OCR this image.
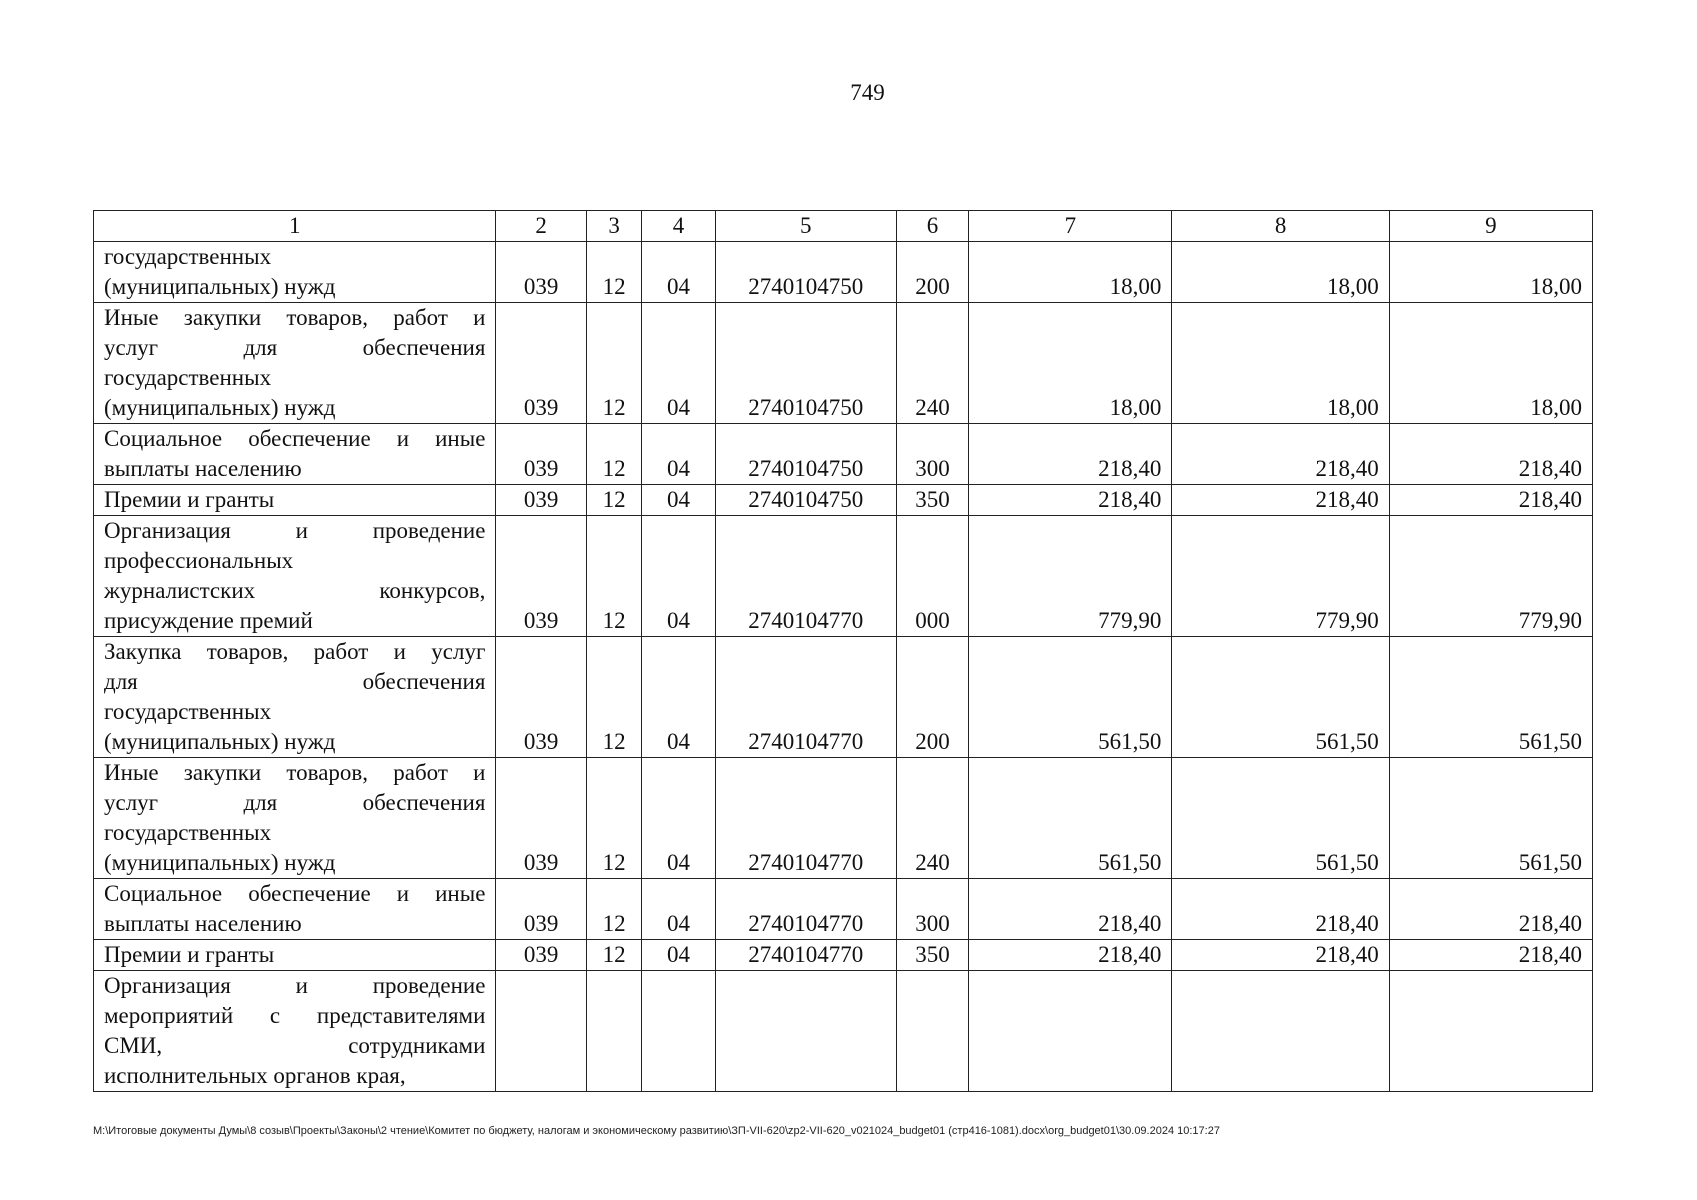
749
1	2	3	4	5	6	7	8	9

государственных
(муниципальных) нужд	039	12	04	2740104750	200	18,00	18,00	18,00

Иные закупки товаров, работ и
услуг для обеспечения
государственных
(муниципальных) нужд	039	12	04	2740104750	240	18,00	18,00	18,00

Социальное обеспечение и иные
выплаты населению	039	12	04	2740104750	300	218,40	218,40	218,40

Премии и гранты	039	12	04	2740104750	350	218,40	218,40	218,40

Организация и проведение
профессиональных
журналистских конкурсов,
присуждение премий	039	12	04	2740104770	000	779,90	779,90	779,90

Закупка товаров, работ и услуг
для обеспечения
государственных
(муниципальных) нужд	039	12	04	2740104770	200	561,50	561,50	561,50

Иные закупки товаров, работ и
услуг для обеспечения
государственных
(муниципальных) нужд	039	12	04	2740104770	240	561,50	561,50	561,50

Социальное обеспечение и иные
выплаты населению	039	12	04	2740104770	300	218,40	218,40	218,40

Премии и гранты	039	12	04	2740104770	350	218,40	218,40	218,40

Организация и проведение
мероприятий с представителями
СМИ, сотрудниками
исполнительных органов края,								

M:\Итоговые документы Думы\8 созыв\Проекты\Законы\2 чтение\Комитет по бюджету, налогам и экономическому развитию\ЗП-VII-620\zp2-VII-620_v021024_budget01 (стр416-1081).docx\org_budget01\30.09.2024 10:17:27
